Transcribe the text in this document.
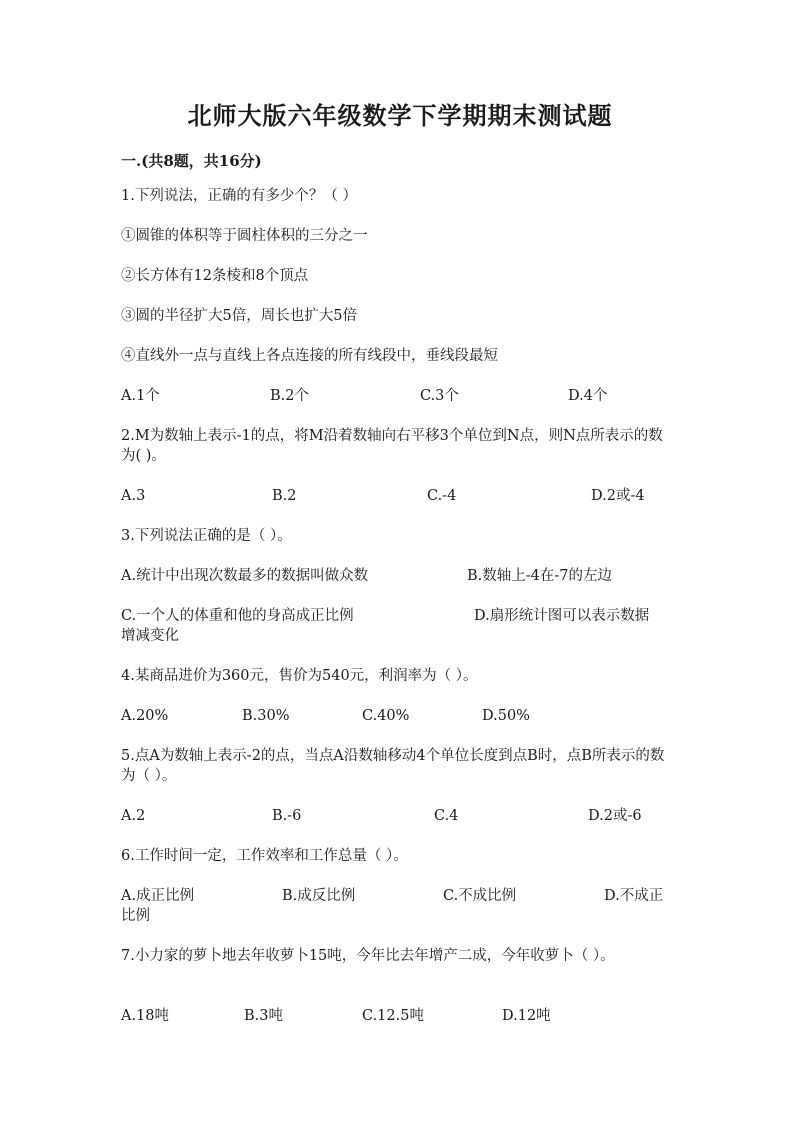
北师大版六年级数学下学期期末测试题
一.(共8题，共16分)
1.下列说法，正确的有多少个？（ ）
①圆锥的体积等于圆柱体积的三分之一
②长方体有12条棱和8个顶点
③圆的半径扩大5倍，周长也扩大5倍
④直线外一点与直线上各点连接的所有线段中，垂线段最短
A.1个	B.2个	C.3个	D.4个
2.M为数轴上表示-1的点，将M沿着数轴向右平移3个单位到N点，则N点所表示的数为( )。
A.3	B.2	C.-4	D.2或-4
3.下列说法正确的是（ ）。
A.统计中出现次数最多的数据叫做众数	B.数轴上-4在-7的左边
C.一个人的体重和他的身高成正比例	D.扇形统计图可以表示数据
增减变化
4.某商品进价为360元，售价为540元，利润率为（ ）。
A.20%	B.30%	C.40%	D.50%
5.点A为数轴上表示-2的点，当点A沿数轴移动4个单位长度到点B时，点B所表示的数为（ ）。
A.2	B.-6	C.4	D.2或-6
6.工作时间一定，工作效率和工作总量（ ）。
A.成正比例	B.成反比例	C.不成比例	D.不成正
比例
7.小力家的萝卜地去年收萝卜15吨，今年比去年增产二成，今年收萝卜（ ）。
A.18吨	B.3吨	C.12.5吨	D.12吨
